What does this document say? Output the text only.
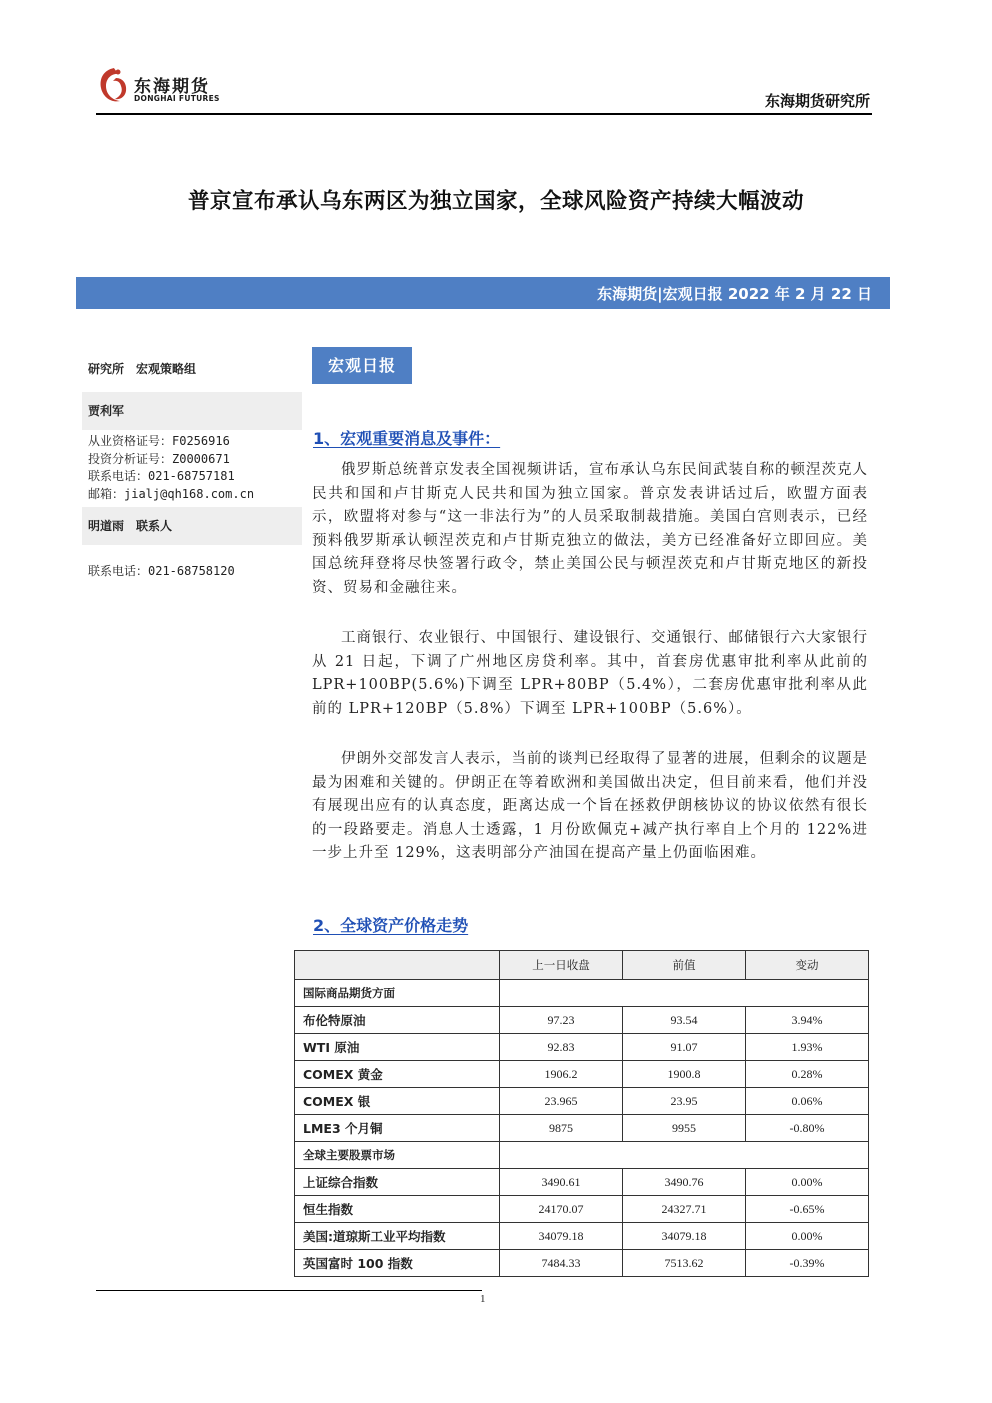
东海期货
DONGHAI FUTURES	东海期货研究所
普京宣布承认乌东两区为独立国家，全球风险资产持续大幅波动
东海期货|宏观日报 2022 年 2 月 22 日
研究所　宏观策略组
贾利军
从业资格证号：F0256916
投资分析证号：Z0000671
联系电话：021-68757181
邮箱：jialj@qh168.com.cn
明道雨　联系人
联系电话：021-68758120
宏观日报
1、宏观重要消息及事件：

俄罗斯总统普京发表全国视频讲话，宣布承认乌东民间武装自称的顿涅茨克人民共和国和卢甘斯克人民共和国为独立国家。普京发表讲话过后，欧盟方面表示，欧盟将对参与“这一非法行为”的人员采取制裁措施。美国白宫则表示，已经预料俄罗斯承认顿涅茨克和卢甘斯克独立的做法，美方已经准备好立即回应。美国总统拜登将尽快签署行政令，禁止美国公民与顿涅茨克和卢甘斯克地区的新投资、贸易和金融往来。

工商银行、农业银行、中国银行、建设银行、交通银行、邮储银行六大家银行从 21 日起，下调了广州地区房贷利率。其中，首套房优惠审批利率从此前的 LPR+100BP(5.6%)下调至 LPR+80BP（5.4%），二套房优惠审批利率从此前的 LPR+120BP（5.8%）下调至 LPR+100BP（5.6%）。

伊朗外交部发言人表示，当前的谈判已经取得了显著的进展，但剩余的议题是最为困难和关键的。伊朗正在等着欧洲和美国做出决定，但目前来看，他们并没有展现出应有的认真态度，距离达成一个旨在拯救伊朗核协议的协议依然有很长的一段路要走。消息人士透露，1 月份欧佩克+减产执行率自上个月的 122%进一步上升至 129%，这表明部分产油国在提高产量上仍面临困难。

2、全球资产价格走势
	上一日收盘	前值	变动
国际商品期货方面			
布伦特原油	97.23	93.54	3.94%
WTI 原油	92.83	91.07	1.93%
COMEX 黄金	1906.2	1900.8	0.28%
COMEX 银	23.965	23.95	0.06%
LME3 个月铜	9875	9955	-0.80%
全球主要股票市场			
上证综合指数	3490.61	3490.76	0.00%
恒生指数	24170.07	24327.71	-0.65%
美国:道琼斯工业平均指数	34079.18	34079.18	0.00%
英国富时 100 指数	7484.33	7513.62	-0.39%
1
